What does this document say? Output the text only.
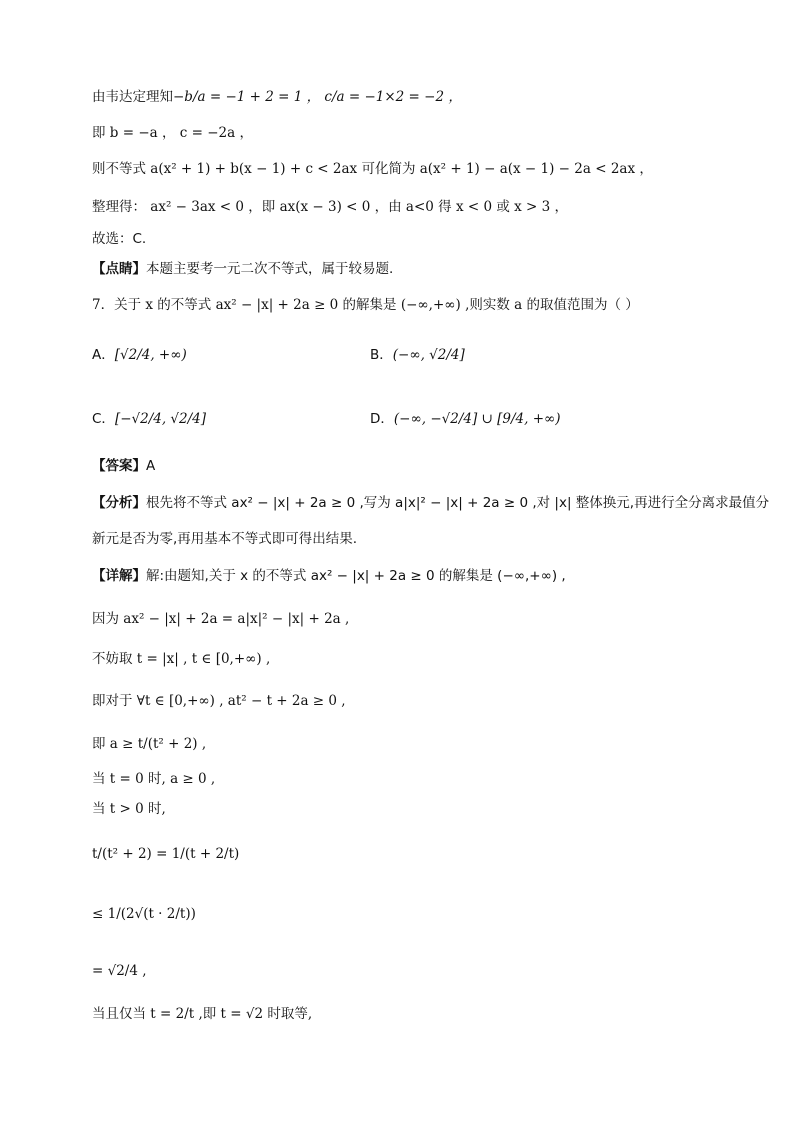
由韦达定理知−b/a = −1 + 2 = 1 ， c/a = −1×2 = −2 ，
即 b = −a ， c = −2a ，
则不等式 a(x² + 1) + b(x − 1) + c < 2ax 可化简为 a(x² + 1) − a(x − 1) − 2a < 2ax ，
整理得： ax² − 3ax < 0 ，即 ax(x − 3) < 0 ，由 a<0 得 x < 0 或 x > 3 ，
故选：C.
【点睛】本题主要考一元二次不等式，属于较易题.
7．关于 x 的不等式 ax² − |x| + 2a ≥ 0 的解集是 (−∞,+∞) ,则实数 a 的取值范围为（ ）
A．[√2/4, +∞)	B．(−∞, √2/4]
C．[−√2/4, √2/4]	D．(−∞, −√2/4] ∪ [9/4, +∞)
【答案】A
【分析】根先将不等式 ax² − |x| + 2a ≥ 0 ,写为 a|x|² − |x| + 2a ≥ 0 ,对 |x| 整体换元,再进行全分离求最值分
新元是否为零,再用基本不等式即可得出结果.
【详解】解:由题知,关于 x 的不等式 ax² − |x| + 2a ≥ 0 的解集是 (−∞,+∞) ,
因为 ax² − |x| + 2a = a|x|² − |x| + 2a ,
不妨取 t = |x| , t ∈ [0,+∞) ,
即对于 ∀t ∈ [0,+∞) , at² − t + 2a ≥ 0 ,
即 a ≥ t/(t² + 2) ,
当 t = 0 时, a ≥ 0 ,
当 t > 0 时,
t/(t² + 2) = 1/(t + 2/t)
≤ 1/(2√(t · 2/t))
= √2/4 ,
当且仅当 t = 2/t ,即 t = √2 时取等,
